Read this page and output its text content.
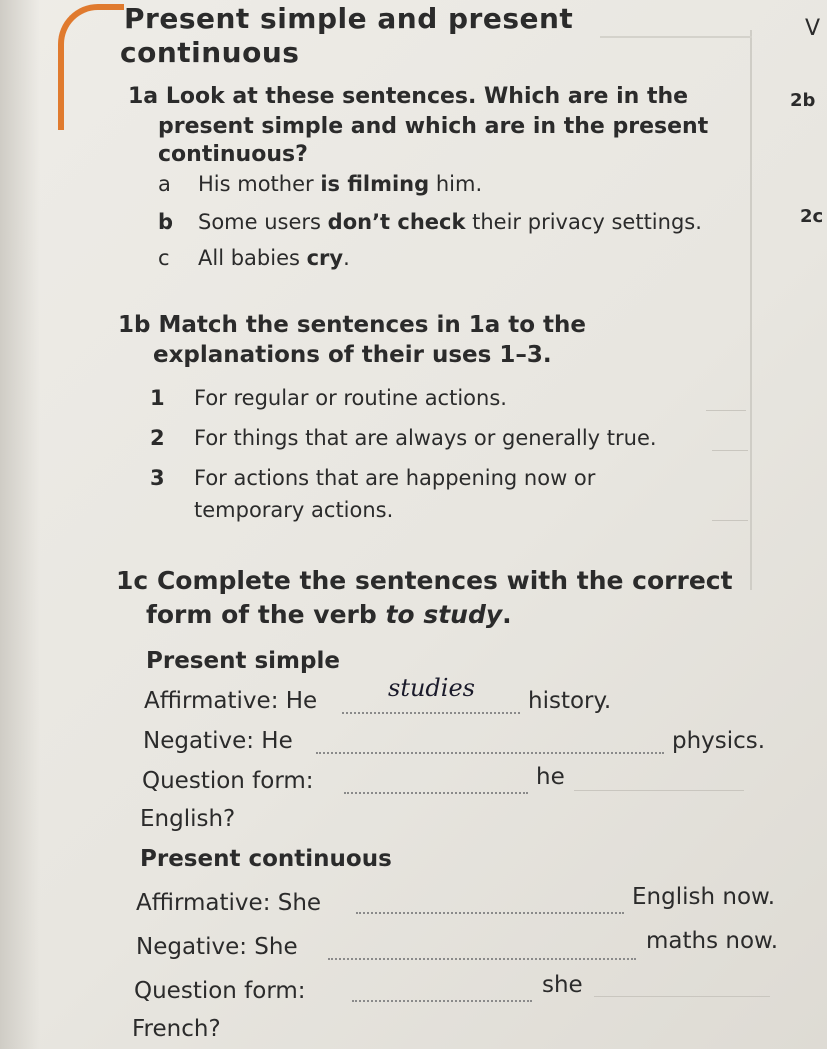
Present simple and present
continuous
V
2b
2c
1a Look at these sentences. Which are in the
present simple and which are in the present
continuous?
a His mother is filming him.
b Some users don’t check their privacy settings.
c All babies cry.
1b Match the sentences in 1a to the
explanations of their uses 1–3.
1 For regular or routine actions.
2 For things that are always or generally true.
3 For actions that are happening now or
temporary actions.
1c Complete the sentences with the correct
form of the verb to study.
Present simple
Affirmative: He	studies history.
Negative: He	physics.
Question form:	he
English?
Present continuous
Affirmative: She	English now.
Negative: She	maths now.
Question form:	she
French?
